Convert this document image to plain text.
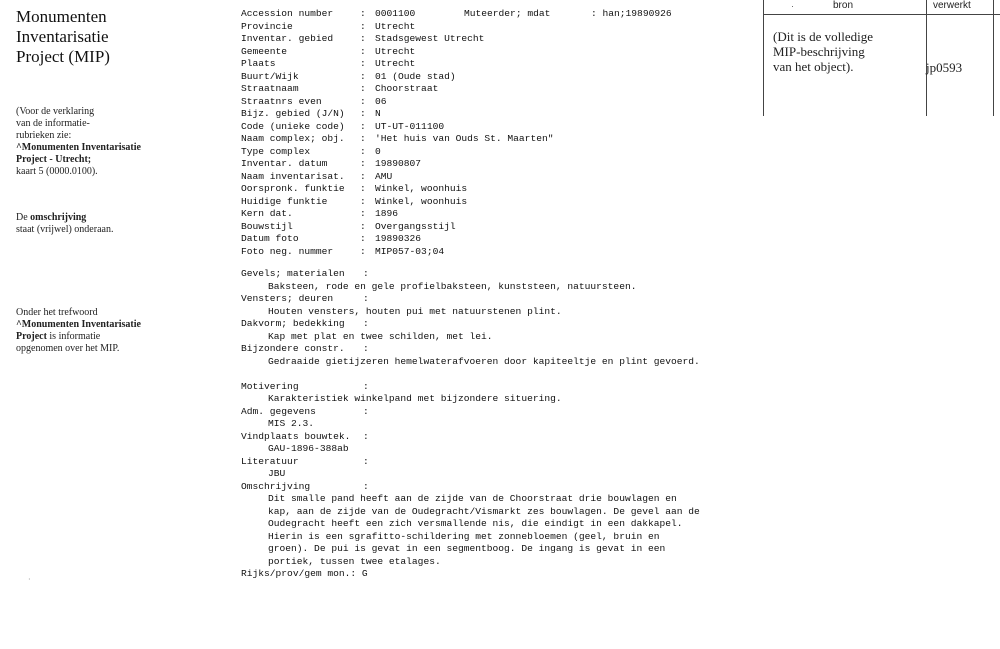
Monumenten
Inventarisatie
Project (MIP)
(Voor de verklaring
van de informatie-
rubrieken zie:
^Monumenten Inventarisatie
Project - Utrecht;
kaart 5 (0000.0100).
De omschrijving
staat (vrijwel) onderaan.
Onder het trefwoord
^Monumenten Inventarisatie
Project is informatie
opgenomen over het MIP.
Accession number	: 0001100
Provincie	: Utrecht
Inventar. gebied	: Stadsgewest Utrecht
Gemeente	: Utrecht
Plaats	: Utrecht
Buurt/Wijk	: 01 (Oude stad)
Straatnaam	: Choorstraat
Straatnrs even	: 06
Bijz. gebied (J/N)	: N
Code (unieke code)	: UT-UT-011100
Naam complex; obj.	: 'Het huis van Ouds St. Maarten"
Type complex	: 0
Inventar. datum	: 19890807
Naam inventarisat.	: AMU
Oorspronk. funktie	: Winkel, woonhuis
Huidige funktie	: Winkel, woonhuis
Kern dat.	: 1896
Bouwstijl	: Overgangsstijl
Datum foto	: 19890326
Foto neg. nummer	: MIP057-03;04
Muteerder; mdat	: han;19890926
Gevels; materialen	:
Baksteen, rode en gele profielbaksteen, kunststeen, natuursteen.
Vensters; deuren	:
Houten vensters, houten pui met natuurstenen plint.
Dakvorm; bedekking	:
Kap met plat en twee schilden, met lei.
Bijzondere constr.	:
Gedraaide gietijzeren hemelwaterafvoeren door kapiteeltje en plint gevoerd.
Motivering	:
Karakteristiek winkelpand met bijzondere situering.
Adm. gegevens	:
MIS 2.3.
Vindplaats bouwtek.	:
GAU-1896-388ab
Literatuur	:
JBU
Omschrijving	:
Dit smalle pand heeft aan de zijde van de Choorstraat drie bouwlagen en
kap, aan de zijde van de Oudegracht/Vismarkt zes bouwlagen. De gevel aan de
Oudegracht heeft een zich versmallende nis, die eindigt in een dakkapel.
Hierin is een sgrafitto-schildering met zonnebloemen (geel, bruin en
groen). De pui is gevat in een segmentboog. De ingang is gevat in een
portiek, tussen twee etalages.
Rijks/prov/gem mon.: G
·	bron	verwerkt
(Dit is de volledige
MIP-beschrijving
van het object).	jp0593
·
